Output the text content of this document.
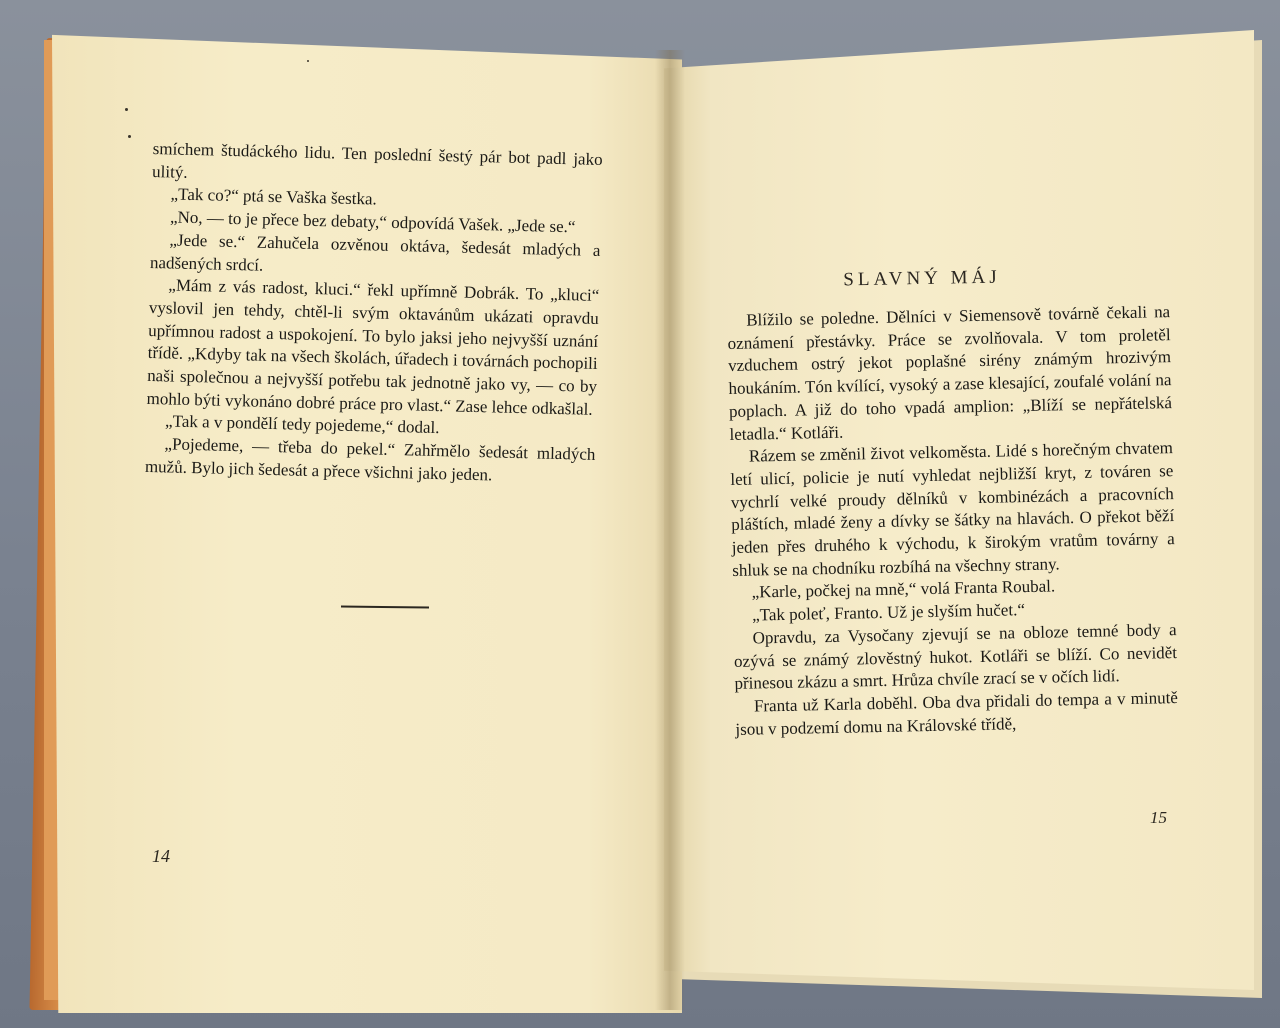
smíchem študáckého lidu. Ten poslední šestý pár bot padl jako ulitý.

„Tak co?“ ptá se Vaška šestka.

„No, — to je přece bez debaty,“ odpovídá Vašek. „Jede se.“

„Jede se.“ Zahučela ozvěnou oktáva, šedesát mladých a nadšených srdcí.

„Mám z vás radost, kluci.“ řekl upřímně Dobrák. To „kluci“ vyslovil jen tehdy, chtěl-li svým oktavánům ukázati opravdu upřímnou radost a uspokojení. To bylo jaksi jeho nejvyšší uznání třídě. „Kdyby tak na všech školách, úřadech i továrnách pochopili naši společnou a nejvyšší potřebu tak jednotně jako vy, — co by mohlo býti vykonáno dobré práce pro vlast.“ Zase lehce odkašlal.

„Tak a v pondělí tedy pojedeme,“ dodal.

„Pojedeme, — třeba do pekel.“ Zahřmělo šedesát mladých mužů. Bylo jich šedesát a přece všichni jako jeden.

14
SLAVNÝ MÁJ

Blížilo se poledne. Dělníci v Siemensově továrně čekali na oznámení přestávky. Práce se zvolňovala. V tom proletěl vzduchem ostrý jekot poplašné sirény známým hrozivým houkáním. Tón kvílící, vysoký a zase klesající, zoufalé volání na poplach. A již do toho vpadá amplion: „Blíží se nepřátelská letadla.“ Kotláři.

Rázem se změnil život velkoměsta. Lidé s horečným chvatem letí ulicí, policie je nutí vyhledat nejbližší kryt, z továren se vychrlí velké proudy dělníků v kombinézách a pracovních pláštích, mladé ženy a dívky se šátky na hlavách. O překot běží jeden přes druhého k východu, k širokým vratům továrny a shluk se na chodníku rozbíhá na všechny strany.

„Karle, počkej na mně,“ volá Franta Roubal.

„Tak poleť, Franto. Už je slyším hučet.“

Opravdu, za Vysočany zjevují se na obloze temné body a ozývá se známý zlověstný hukot. Kotláři se blíží. Co nevidět přinesou zkázu a smrt. Hrůza chvíle zrací se v očích lidí.

Franta už Karla doběhl. Oba dva přidali do tempa a v minutě jsou v podzemí domu na Královské třídě,

15
